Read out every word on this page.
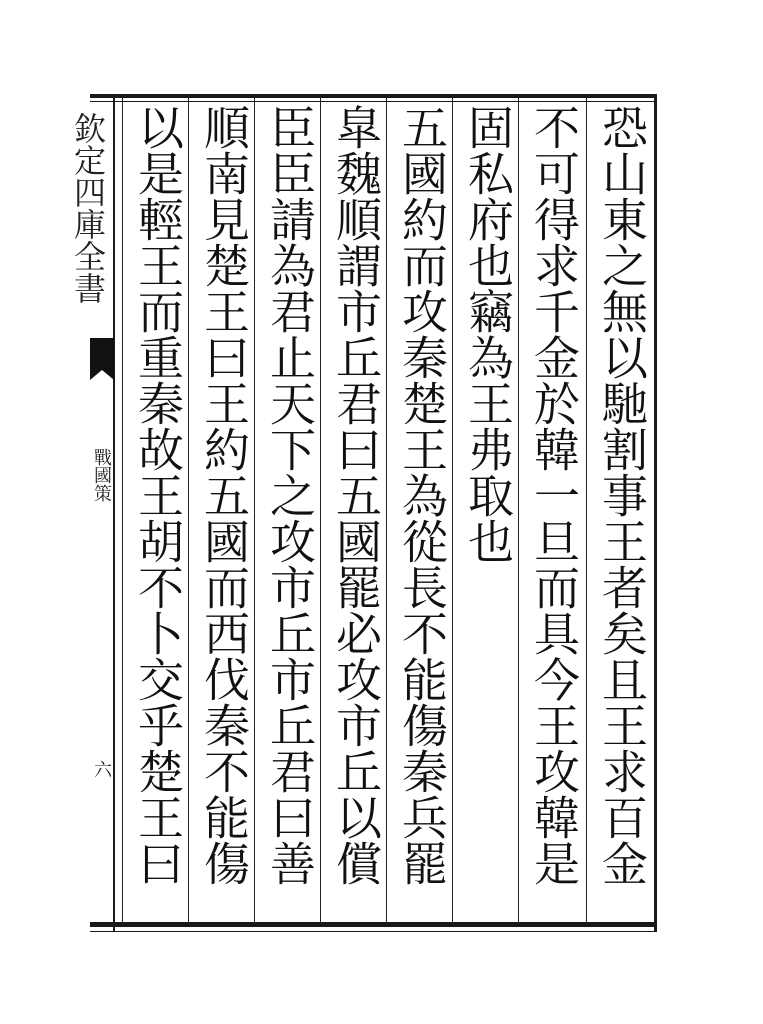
欽定四庫全書
戰國策
六
恐山東之無以馳割事王者矣且王求百金
不可得求千金於韓一旦而具今王攻韓是
固私府也竊為王弗取也
五國約而攻秦楚王為從長不能傷秦兵罷
皐魏順謂市丘君曰五國罷必攻市丘以償
臣臣請為君止天下之攻市丘市丘君曰善
順南見楚王曰王約五國而西伐秦不能傷
以是輕王而重秦故王胡不卜交乎楚王曰
